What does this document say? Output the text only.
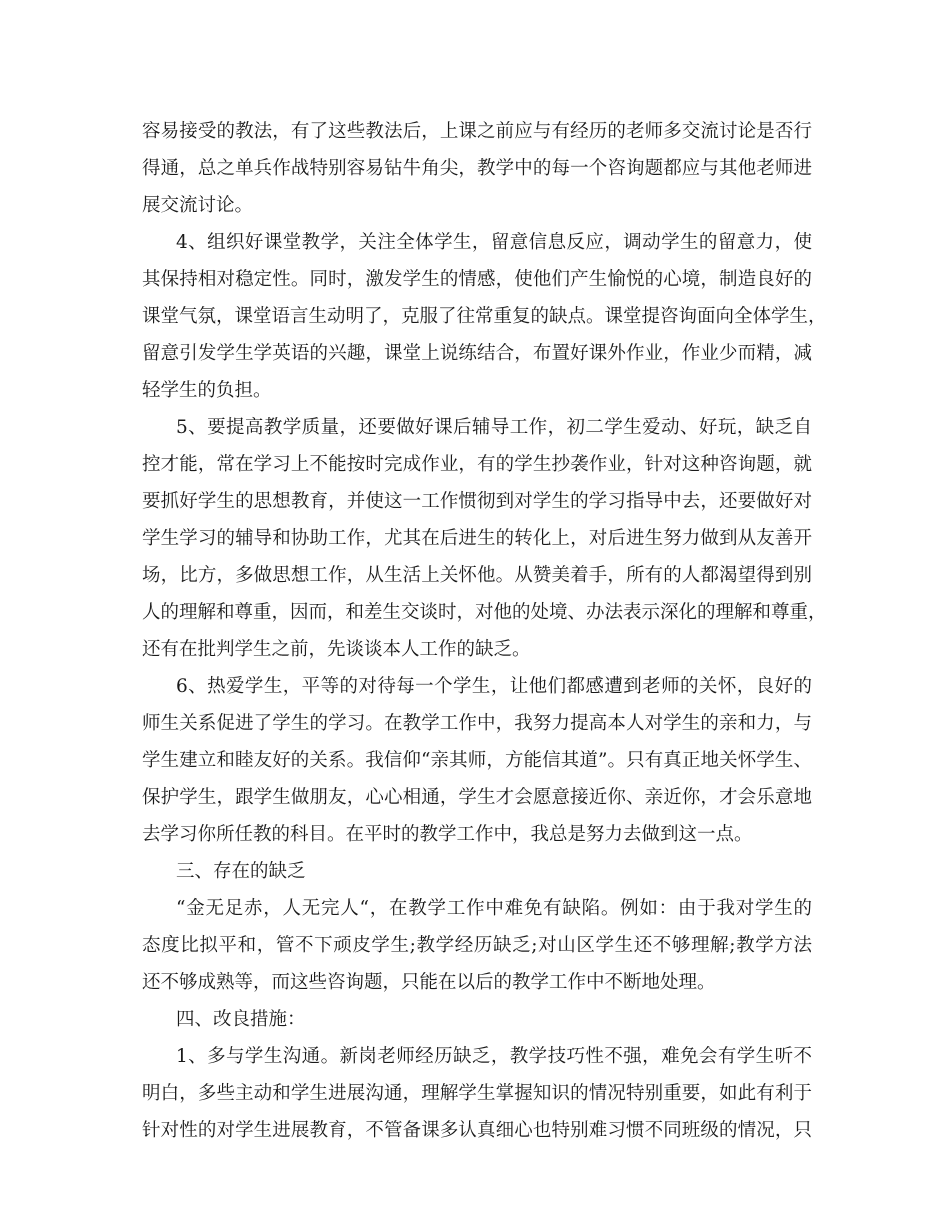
容易接受的教法，有了这些教法后，上课之前应与有经历的老师多交流讨论是否行
得通，总之单兵作战特别容易钻牛角尖，教学中的每一个咨询题都应与其他老师进
展交流讨论。
4、组织好课堂教学，关注全体学生，留意信息反应，调动学生的留意力，使
其保持相对稳定性。同时，激发学生的情感，使他们产生愉悦的心境，制造良好的
课堂气氛，课堂语言生动明了，克服了往常重复的缺点。课堂提咨询面向全体学生，
留意引发学生学英语的兴趣，课堂上说练结合，布置好课外作业，作业少而精，减
轻学生的负担。
5、要提高教学质量，还要做好课后辅导工作，初二学生爱动、好玩，缺乏自
控才能，常在学习上不能按时完成作业，有的学生抄袭作业，针对这种咨询题，就
要抓好学生的思想教育，并使这一工作惯彻到对学生的学习指导中去，还要做好对
学生学习的辅导和协助工作，尤其在后进生的转化上，对后进生努力做到从友善开
场，比方，多做思想工作，从生活上关怀他。从赞美着手，所有的人都渴望得到别
人的理解和尊重，因而，和差生交谈时，对他的处境、办法表示深化的理解和尊重，
还有在批判学生之前，先谈谈本人工作的缺乏。
6、热爱学生，平等的对待每一个学生，让他们都感遭到老师的关怀，良好的
师生关系促进了学生的学习。在教学工作中，我努力提高本人对学生的亲和力，与
学生建立和睦友好的关系。我信仰“亲其师，方能信其道”。只有真正地关怀学生、
保护学生，跟学生做朋友，心心相通，学生才会愿意接近你、亲近你，才会乐意地
去学习你所任教的科目。在平时的教学工作中，我总是努力去做到这一点。
三、存在的缺乏
“金无足赤，人无完人“，在教学工作中难免有缺陷。例如：由于我对学生的
态度比拟平和，管不下顽皮学生;教学经历缺乏;对山区学生还不够理解;教学方法
还不够成熟等，而这些咨询题，只能在以后的教学工作中不断地处理。
四、改良措施：
1、多与学生沟通。新岗老师经历缺乏，教学技巧性不强，难免会有学生听不
明白，多些主动和学生进展沟通，理解学生掌握知识的情况特别重要，如此有利于
针对性的对学生进展教育，不管备课多认真细心也特别难习惯不同班级的情况，只
